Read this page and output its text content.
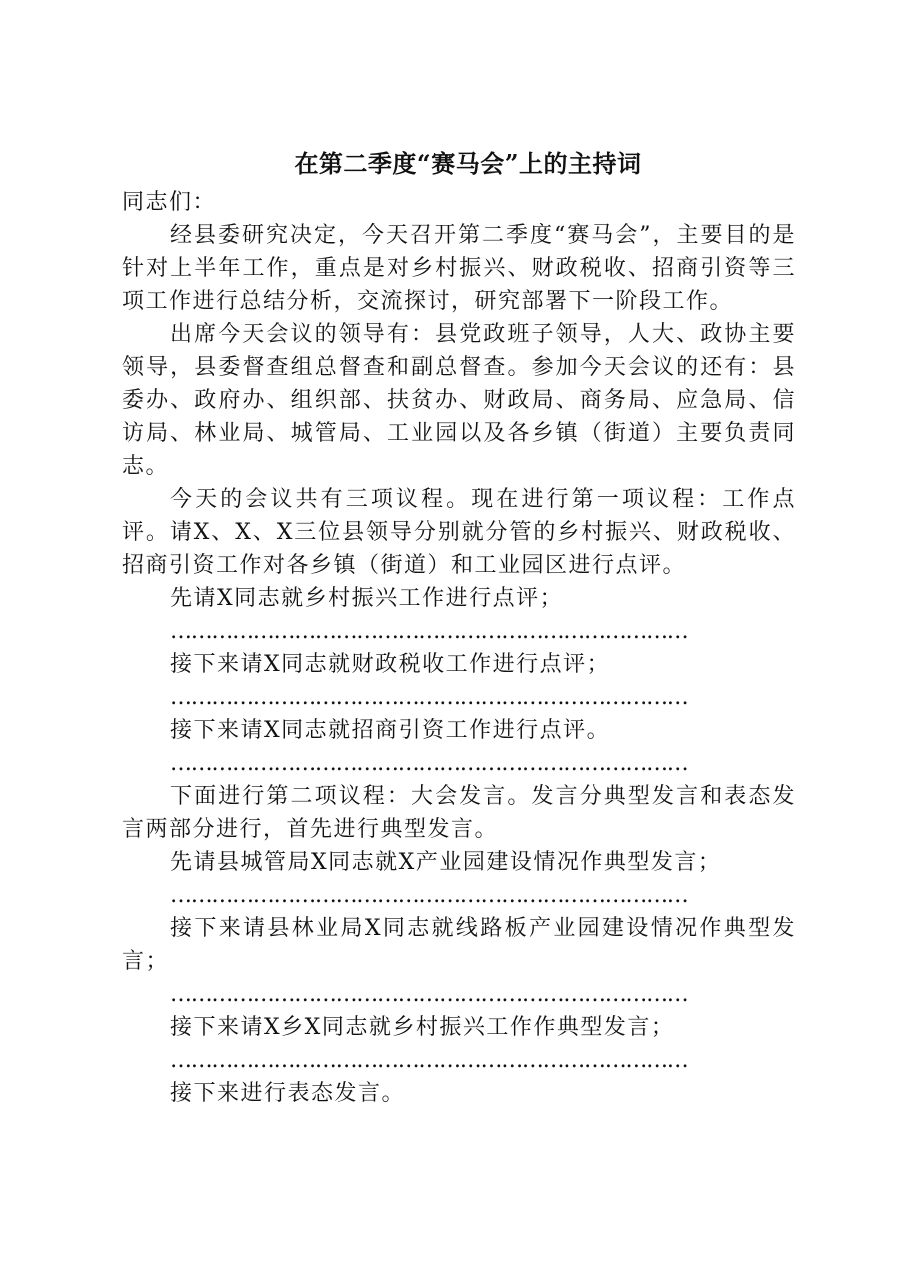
在第二季度“赛马会”上的主持词

同志们：

经县委研究决定，今天召开第二季度“赛马会”，主要目的是针对上半年工作，重点是对乡村振兴、财政税收、招商引资等三项工作进行总结分析，交流探讨，研究部署下一阶段工作。

出席今天会议的领导有：县党政班子领导，人大、政协主要领导，县委督查组总督查和副总督查。参加今天会议的还有：县委办、政府办、组织部、扶贫办、财政局、商务局、应急局、信访局、林业局、城管局、工业园以及各乡镇（街道）主要负责同志。

今天的会议共有三项议程。现在进行第一项议程：工作点评。请X、X、X三位县领导分别就分管的乡村振兴、财政税收、招商引资工作对各乡镇（街道）和工业园区进行点评。

先请X同志就乡村振兴工作进行点评；

…………………………………………………………………

接下来请X同志就财政税收工作进行点评；

…………………………………………………………………

接下来请X同志就招商引资工作进行点评。

…………………………………………………………………

下面进行第二项议程：大会发言。发言分典型发言和表态发言两部分进行，首先进行典型发言。

先请县城管局X同志就X产业园建设情况作典型发言；

…………………………………………………………………

接下来请县林业局X同志就线路板产业园建设情况作典型发言；

…………………………………………………………………

接下来请X乡X同志就乡村振兴工作作典型发言；

…………………………………………………………………

接下来进行表态发言。
